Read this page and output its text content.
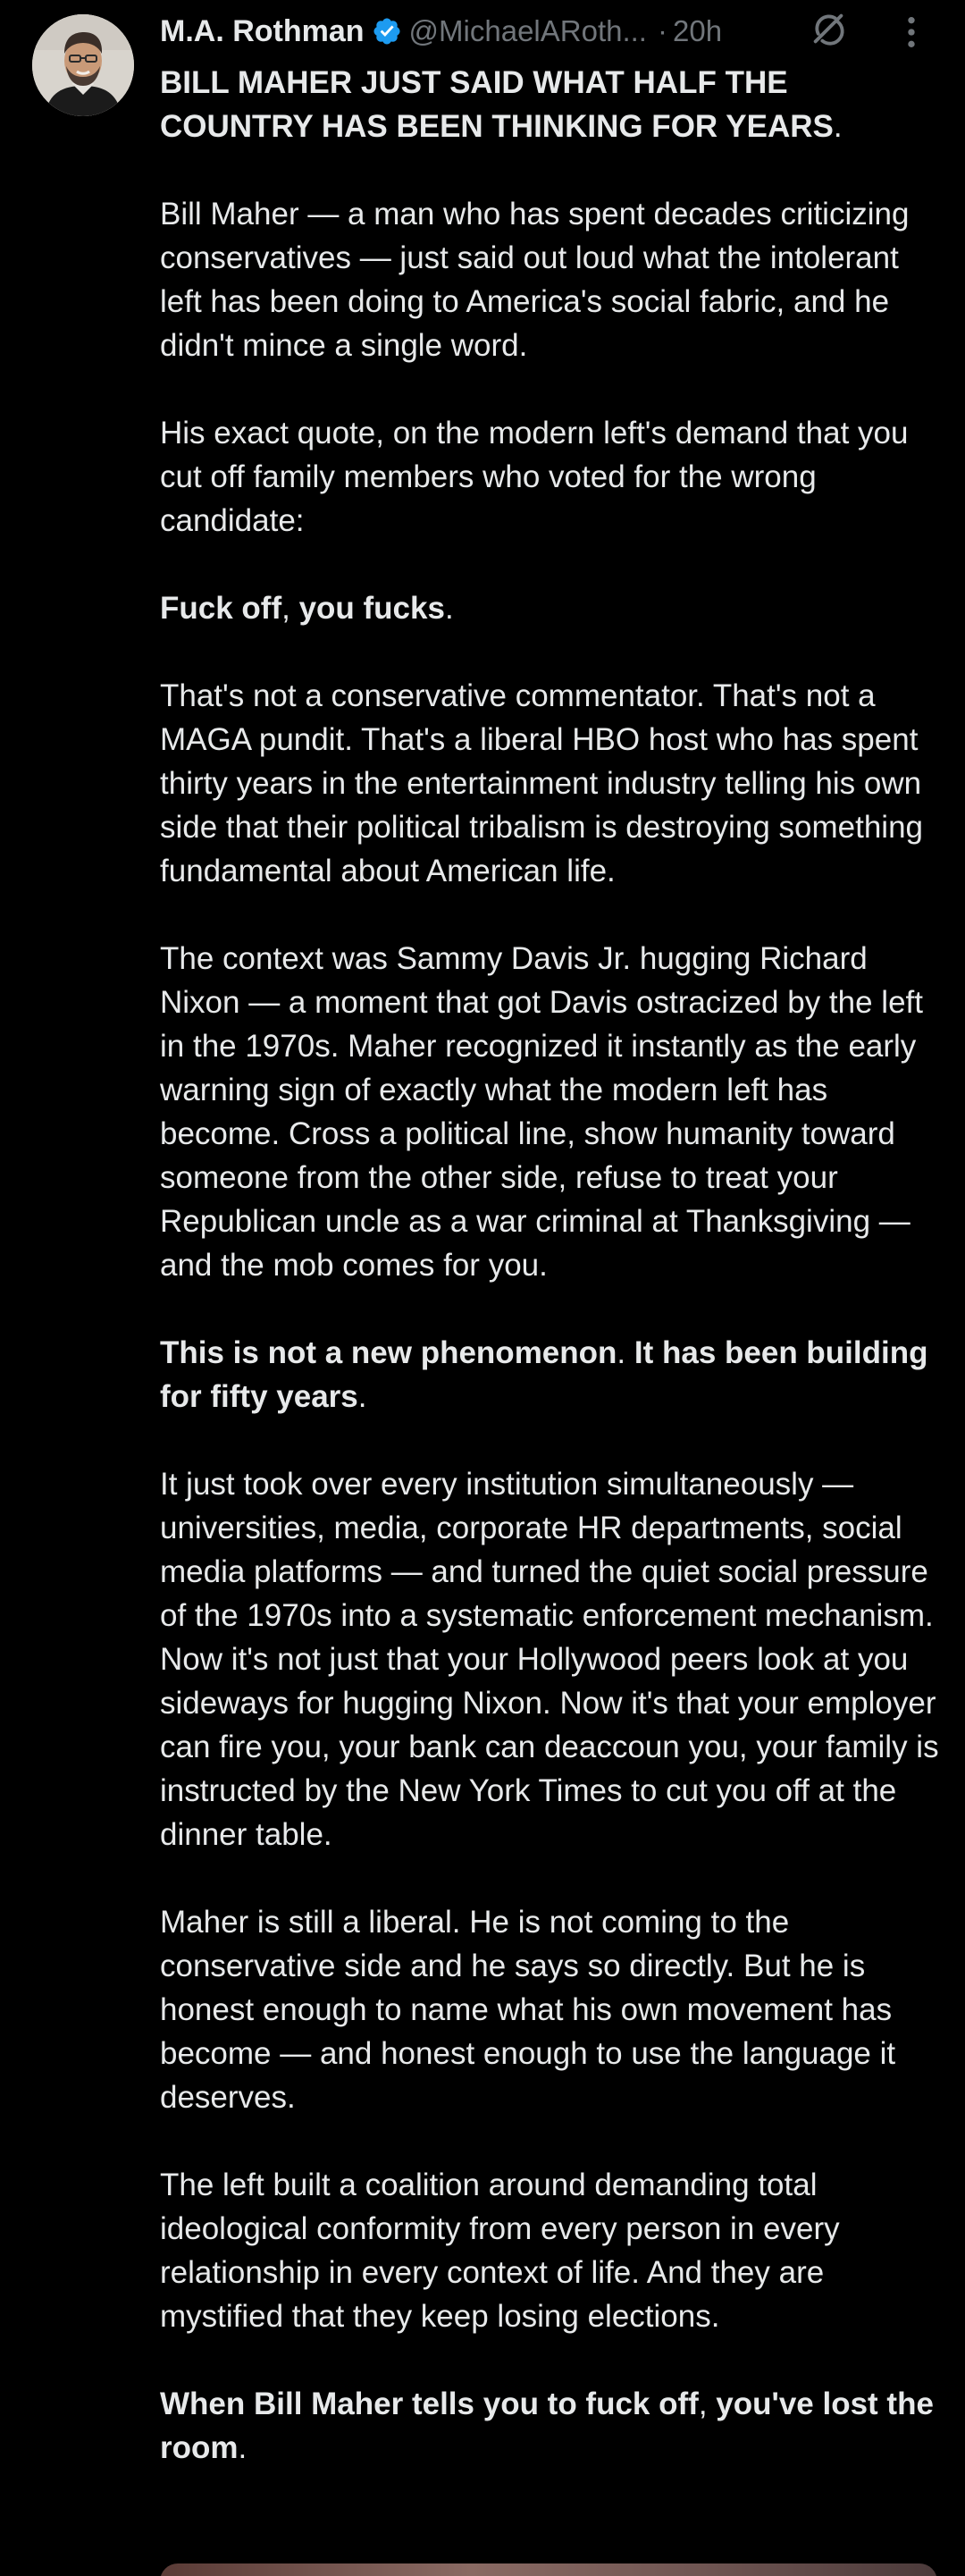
M.A. Rothman @MichaelARoth... · 20h

BILL MAHER JUST SAID WHAT HALF THE COUNTRY HAS BEEN THINKING FOR YEARS.

Bill Maher — a man who has spent decades criticizing conservatives — just said out loud what the intolerant left has been doing to America's social fabric, and he didn't mince a single word.

His exact quote, on the modern left's demand that you cut off family members who voted for the wrong candidate:

Fuck off, you fucks.

That's not a conservative commentator. That's not a MAGA pundit. That's a liberal HBO host who has spent thirty years in the entertainment industry telling his own side that their political tribalism is destroying something fundamental about American life.

The context was Sammy Davis Jr. hugging Richard Nixon — a moment that got Davis ostracized by the left in the 1970s. Maher recognized it instantly as the early warning sign of exactly what the modern left has become. Cross a political line, show humanity toward someone from the other side, refuse to treat your Republican uncle as a war criminal at Thanksgiving — and the mob comes for you.

This is not a new phenomenon. It has been building for fifty years.

It just took over every institution simultaneously — universities, media, corporate HR departments, social media platforms — and turned the quiet social pressure of the 1970s into a systematic enforcement mechanism. Now it's not just that your Hollywood peers look at you sideways for hugging Nixon. Now it's that your employer can fire you, your bank can deaccoun you, your family is instructed by the New York Times to cut you off at the dinner table.

Maher is still a liberal. He is not coming to the conservative side and he says so directly. But he is honest enough to name what his own movement has become — and honest enough to use the language it deserves.

The left built a coalition around demanding total ideological conformity from every person in every relationship in every context of life. And they are mystified that they keep losing elections.

When Bill Maher tells you to fuck off, you've lost the room.
